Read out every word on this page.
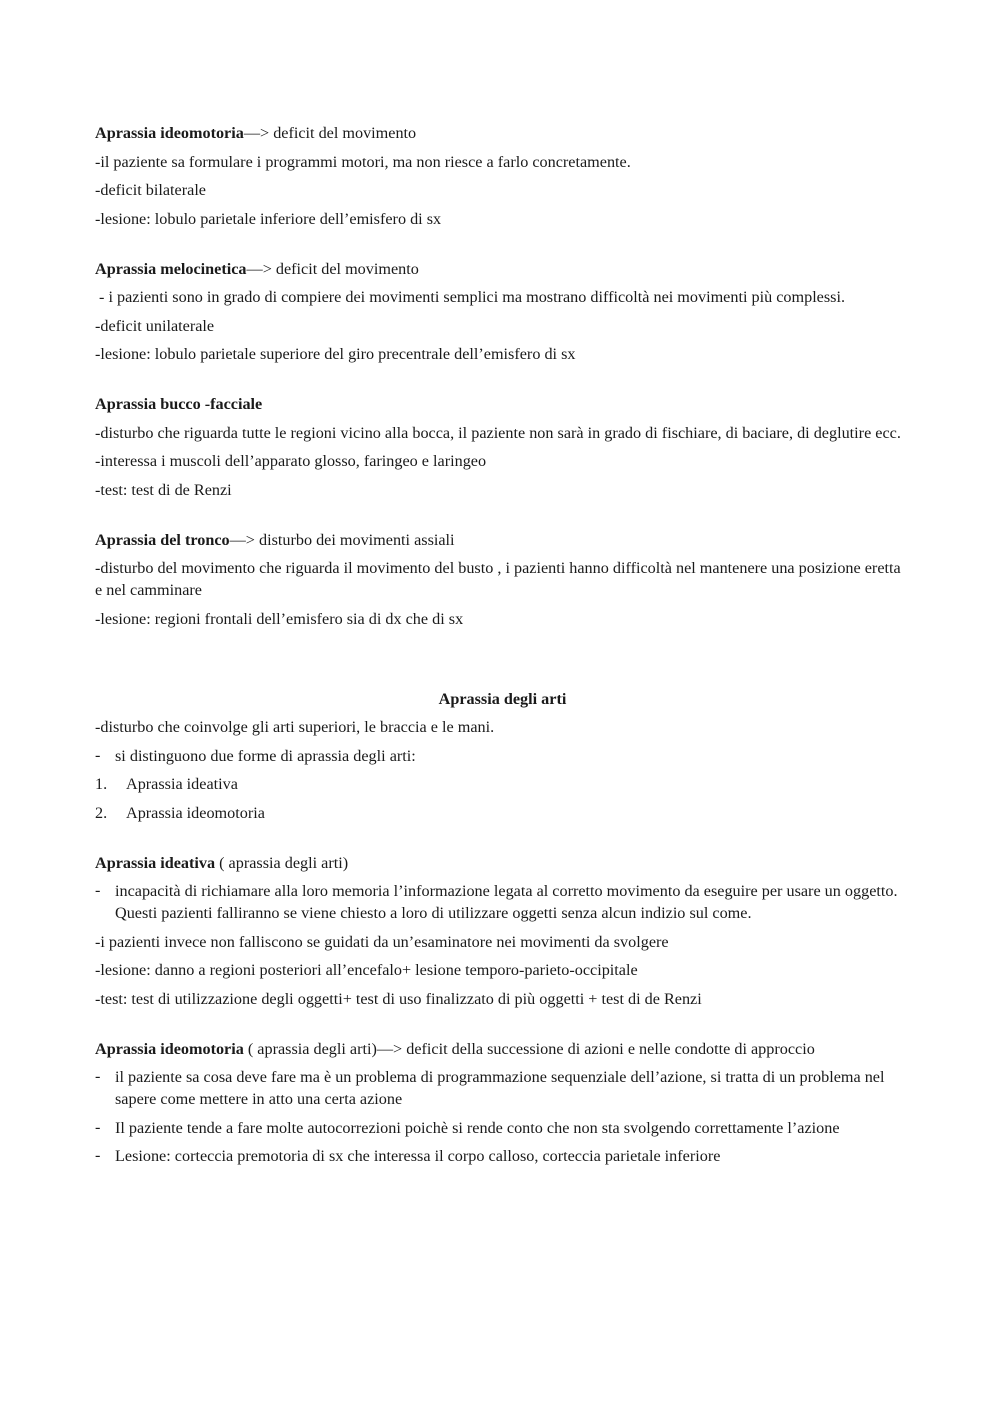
Aprassia ideomotoria—> deficit del movimento

-il paziente sa formulare i programmi motori, ma non riesce a farlo concretamente.

-deficit bilaterale

-lesione: lobulo parietale inferiore dell’emisfero di sx

Aprassia melocinetica—> deficit del movimento

- i pazienti sono in grado di compiere dei movimenti semplici ma mostrano difficoltà nei movimenti più complessi.

-deficit unilaterale

-lesione: lobulo parietale superiore del giro precentrale dell’emisfero di sx

Aprassia bucco -facciale

-disturbo che riguarda tutte le regioni vicino alla bocca, il paziente non sarà in grado di fischiare, di baciare, di deglutire ecc.

-interessa i muscoli dell’apparato glosso, faringeo e laringeo

-test: test di de Renzi

Aprassia del tronco—> disturbo dei movimenti assiali

-disturbo del movimento che riguarda il movimento del busto , i pazienti hanno difficoltà nel mantenere una posizione eretta e nel camminare

-lesione: regioni frontali dell’emisfero sia di dx che di sx

Aprassia degli arti

-disturbo che coinvolge gli arti superiori, le braccia e le mani.

- si distinguono due forme di aprassia degli arti:
1. Aprassia ideativa
2. Aprassia ideomotoria

Aprassia ideativa ( aprassia degli arti)

- incapacità di richiamare alla loro memoria l’informazione legata al corretto movimento da eseguire per usare un oggetto. Questi pazienti falliranno se viene chiesto a loro di utilizzare oggetti senza alcun indizio sul come.

-i pazienti invece non falliscono se guidati da un’esaminatore nei movimenti da svolgere

-lesione: danno a regioni posteriori all’encefalo+ lesione temporo-parieto-occipitale

-test: test di utilizzazione degli oggetti+ test di uso finalizzato di più oggetti + test di de Renzi

Aprassia ideomotoria ( aprassia degli arti)—> deficit della successione di azioni e nelle condotte di approccio

- il paziente sa cosa deve fare ma è un problema di programmazione sequenziale dell’azione, si tratta di un problema nel sapere come mettere in atto una certa azione
- Il paziente tende a fare molte autocorrezioni poichè si rende conto che non sta svolgendo correttamente l’azione
- Lesione: corteccia premotoria di sx che interessa il corpo calloso, corteccia parietale inferiore
